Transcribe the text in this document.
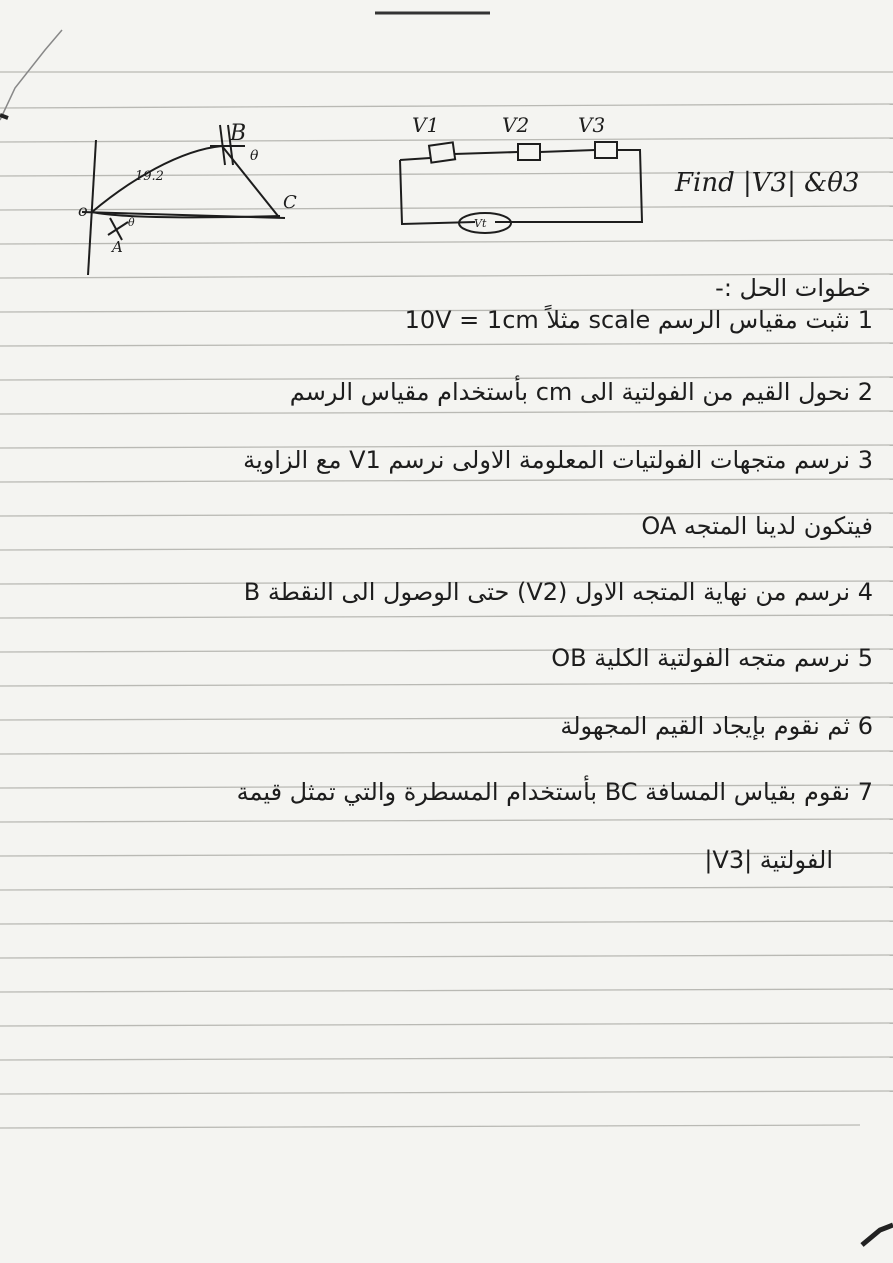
o
A
B
C
19.2
θ
θ
V1	V2 V3
Vt
Find |V3| &θ3
خطوات الحل :-
1 نثبت مقياس الرسم scale مثلاً 10V = 1cm
2 نحول القيم من الفولتية الى cm بأستخدام مقياس الرسم
3 نرسم متجهات الفولتيات المعلومة الاولى نرسم V1 مع الزاوية
فيتكون لدينا المتجه OA
4 نرسم من نهاية المتجه الاول (V2) حتى الوصول الى النقطة B
5 نرسم متجه الفولتية الكلية OB
6 ثم نقوم بإيجاد القيم المجهولة
7 نقوم بقياس المسافة BC بأستخدام المسطرة والتي تمثل قيمة
الفولتية |V3|
